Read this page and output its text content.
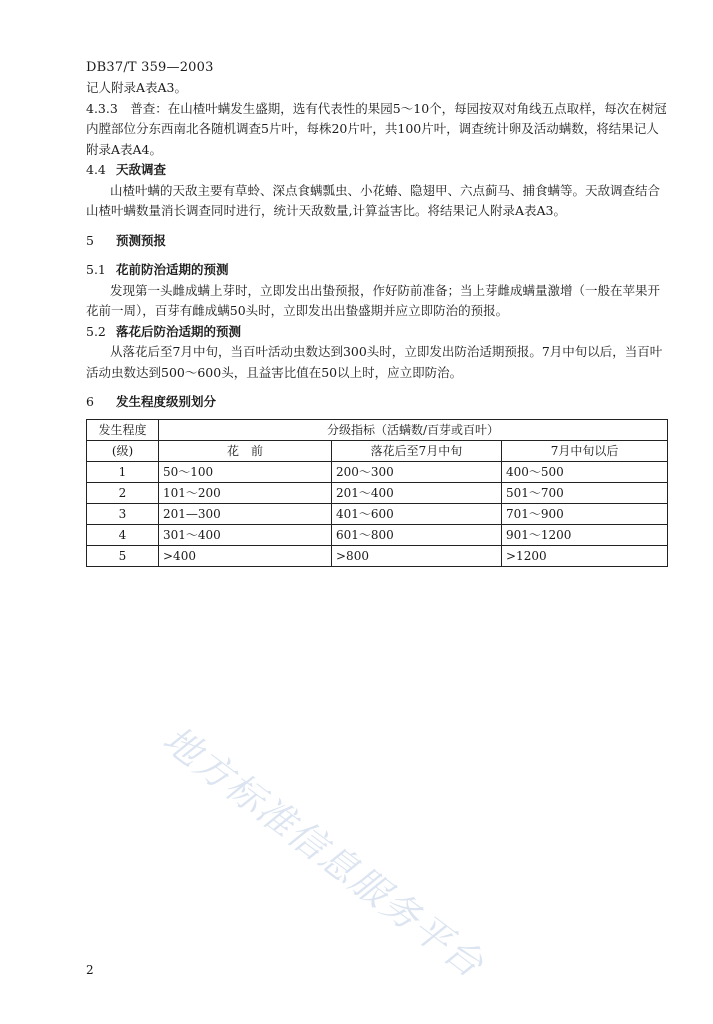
DB37/T 359—2003

记人附录A表A3。

4.3.3　普查：在山楂叶螨发生盛期，选有代表性的果园5～10个，每园按双对角线五点取样，每次在树冠内膛部位分东西南北各随机调查5片叶，每株20片叶，共100片叶，调查统计卵及活动螨数，将结果记人附录A表A4。

4.4 天敌调查

山楂叶螨的天敌主要有草蛉、深点食螨瓢虫、小花蝽、隐翅甲、六点蓟马、捕食螨等。天敌调查结合山楂叶螨数量消长调查同时进行，统计天敌数量,计算益害比。将结果记人附录A表A3。

5 预测预报

5.1 花前防治适期的预测

发现第一头雌成螨上芽时，立即发出出蛰预报，作好防前准备；当上芽雌成螨量激增（一般在苹果开花前一周），百芽有雌成螨50头时，立即发出出蛰盛期并应立即防治的预报。

5.2 落花后防治适期的预测

从落花后至7月中旬，当百叶活动虫数达到300头时，立即发出防治适期预报。7月中旬以后，当百叶活动虫数达到500～600头，且益害比值在50以上时，应立即防治。

6 发生程度级别划分

发生程度	分级指标（活螨数/百芽或百叶）		
(级)	花　前	落花后至7月中旬	7月中旬以后
1	50～100	200～300	400～500
2	101～200	201～400	501～700
3	201—300	401～600	701～900
4	301～400	601～800	901～1200
5	>400	>800	>1200
地方标准信息服务平台
2
